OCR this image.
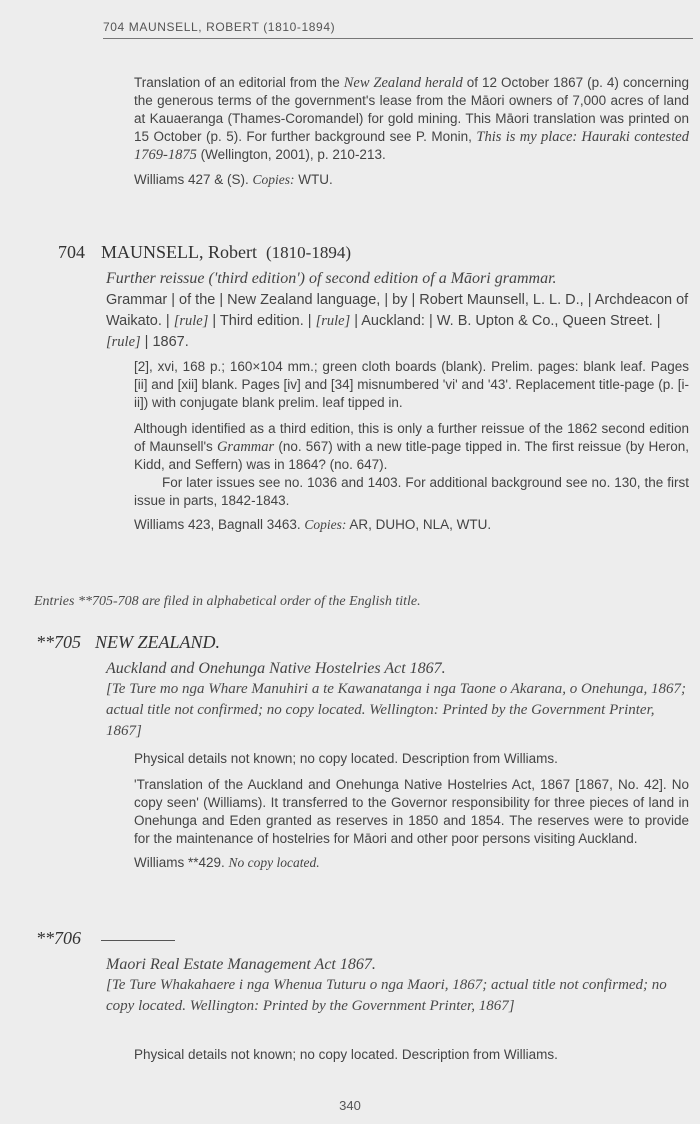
704 MAUNSELL, ROBERT (1810-1894)

Translation of an editorial from the New Zealand herald of 12 October 1867 (p. 4) concerning the generous terms of the government's lease from the Māori owners of 7,000 acres of land at Kauaeranga (Thames-Coromandel) for gold mining. This Māori translation was printed on 15 October (p. 5). For further background see P. Monin, This is my place: Hauraki contested 1769-1875 (Wellington, 2001), p. 210-213.

Williams 427 & (S). Copies: WTU.

704 MAUNSELL, Robert (1810-1894)

Further reissue ('third edition') of second edition of a Māori grammar.

Grammar | of the | New Zealand language, | by | Robert Maunsell, L. L. D., | Archdeacon of Waikato. | [rule] | Third edition. | [rule] | Auckland: | W. B. Upton & Co., Queen Street. | [rule] | 1867.

[2], xvi, 168 p.; 160×104 mm.; green cloth boards (blank). Prelim. pages: blank leaf. Pages [ii] and [xii] blank. Pages [iv] and [34] misnumbered 'vi' and '43'. Replacement title-page (p. [i-ii]) with conjugate blank prelim. leaf tipped in.

Although identified as a third edition, this is only a further reissue of the 1862 second edition of Maunsell's Grammar (no. 567) with a new title-page tipped in. The first reissue (by Heron, Kidd, and Seffern) was in 1864? (no. 647).

For later issues see no. 1036 and 1403. For additional background see no. 130, the first issue in parts, 1842-1843.

Williams 423, Bagnall 3463. Copies: AR, DUHO, NLA, WTU.

Entries **705-708 are filed in alphabetical order of the English title.
**705 NEW ZEALAND.

Auckland and Onehunga Native Hostelries Act 1867.

[Te Ture mo nga Whare Manuhiri a te Kawanatanga i nga Taone o Akarana, o Onehunga, 1867; actual title not confirmed; no copy located. Wellington: Printed by the Government Printer, 1867]

Physical details not known; no copy located. Description from Williams.

'Translation of the Auckland and Onehunga Native Hostelries Act, 1867 [1867, No. 42]. No copy seen' (Williams). It transferred to the Governor responsibility for three pieces of land in Onehunga and Eden granted as reserves in 1850 and 1854. The reserves were to provide for the maintenance of hostelries for Māori and other poor persons visiting Auckland.

Williams **429. No copy located.

**706

Maori Real Estate Management Act 1867.

[Te Ture Whakahaere i nga Whenua Tuturu o nga Maori, 1867; actual title not confirmed; no copy located. Wellington: Printed by the Government Printer, 1867]

Physical details not known; no copy located. Description from Williams.

340
